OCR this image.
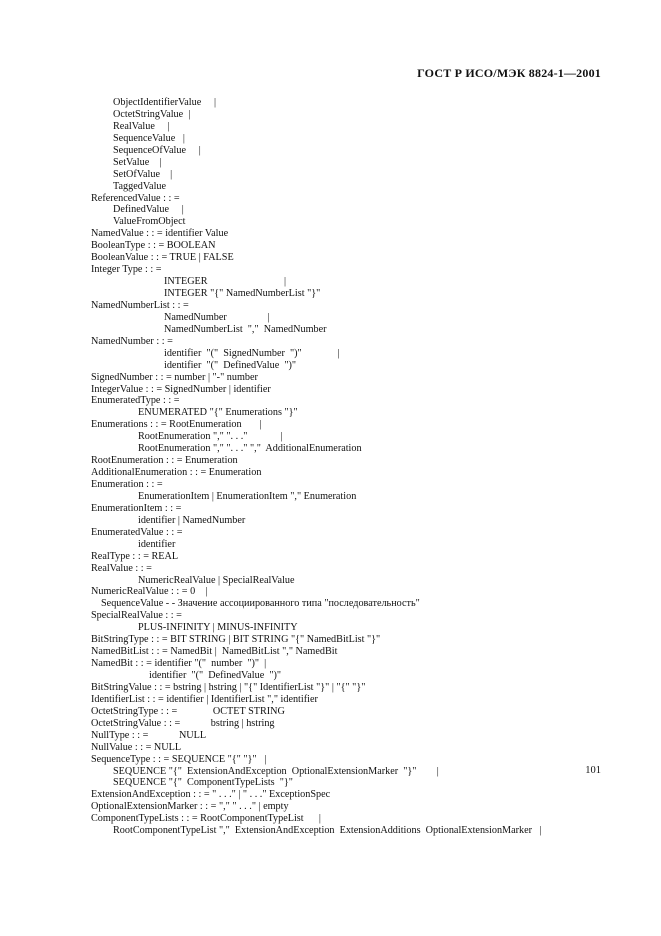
ГОСТ Р ИСО/МЭК 8824-1—2001
ObjectIdentifierValue     |
OctetStringValue  |
RealValue     |
SequenceValue   |
SequenceOfValue     |
SetValue    |
SetOfValue    |
TaggedValue
ReferencedValue : : =
DefinedValue     |
ValueFromObject
NamedValue : : = identifier Value
BooleanType : : = BOOLEAN
BooleanValue : : = TRUE | FALSE
Integer Type : : =
INTEGER                              |
INTEGER "{" NamedNumberList "}"
NamedNumberList : : =
NamedNumber                |
NamedNumberList  ","  NamedNumber
NamedNumber : : =
identifier  "("  SignedNumber  ")"              |
identifier  "("  DefinedValue  ")"
SignedNumber : : = number | "-" number
IntegerValue : : = SignedNumber | identifier
EnumeratedType : : =
ENUMERATED "{" Enumerations "}"
Enumerations : : = RootEnumeration       |
RootEnumeration "," ". . ."             |
RootEnumeration "," ". . ." ","  AdditionalEnumeration
RootEnumeration : : = Enumeration
AdditionalEnumeration : : = Enumeration
Enumeration : : =
EnumerationItem | EnumerationItem "," Enumeration
EnumerationItem : : =
identifier | NamedNumber
EnumeratedValue : : =
identifier
RealType : : = REAL
RealValue : : =
NumericRealValue | SpecialRealValue
NumericRealValue : : = 0    |
SequenceValue - - Значение ассоциированного типа "последовательность"
SpecialRealValue : : =
PLUS-INFINITY | MINUS-INFINITY
BitStringType : : = BIT STRING | BIT STRING "{" NamedBitList "}"
NamedBitList : : = NamedBit |  NamedBitList "," NamedBit
NamedBit : : = identifier "("  number  ")"  |
identifier  "("  DefinedValue  ")"
BitStringValue : : = bstring | hstring | "{" IdentifierList "}" | "{" "}"
IdentifierList : : = identifier | IdentifierList "," identifier
OctetStringType : : =              OCTET STRING
OctetStringValue : : =            bstring | hstring
NullType : : =            NULL
NullValue : : = NULL
SequenceType : : = SEQUENCE "{" "}"   |
SEQUENCE "{"  ExtensionAndException  OptionalExtensionMarker  "}"        |
SEQUENCE "{"  ComponentTypeLists  "}"
ExtensionAndException : : = " . . ." | " . . ." ExceptionSpec
OptionalExtensionMarker : : = "," " . . ." | empty
ComponentTypeLists : : = RootComponentTypeList      |
RootComponentTypeList ","  ExtensionAndException  ExtensionAdditions  OptionalExtensionMarker   |
101
